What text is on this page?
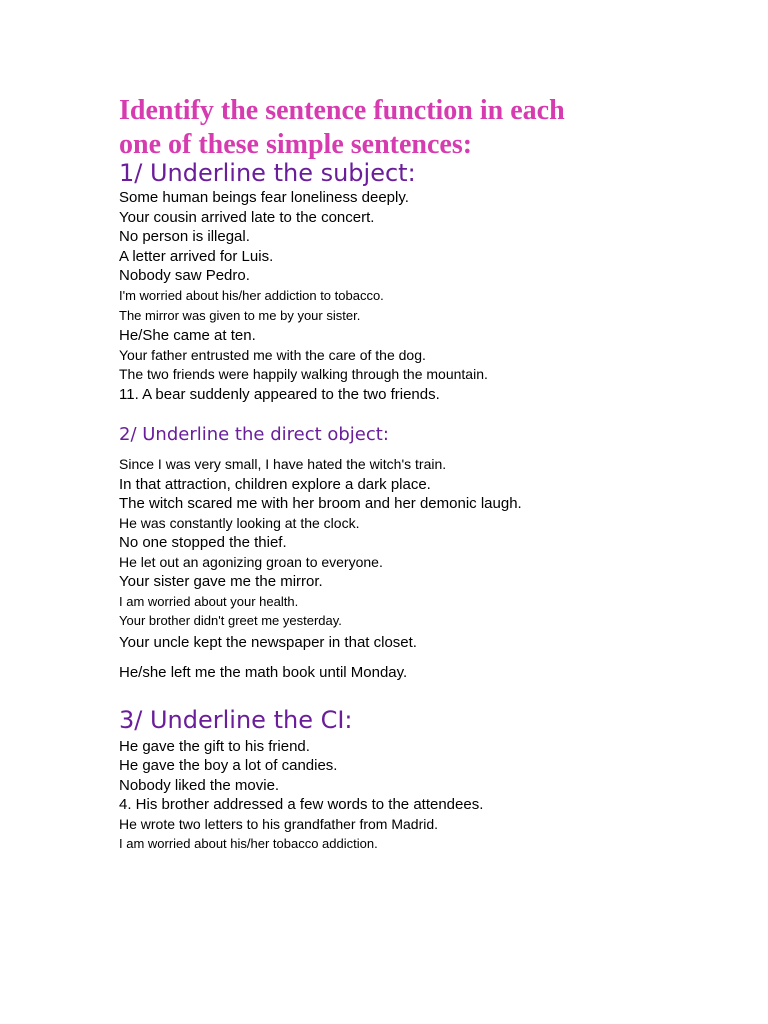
Identify the sentence function in each
one of these simple sentences:
1/ Underline the subject:
Some human beings fear loneliness deeply.
Your cousin arrived late to the concert.
No person is illegal.
A letter arrived for Luis.
Nobody saw Pedro.
I'm worried about his/her addiction to tobacco.
The mirror was given to me by your sister.
He/She came at ten.
Your father entrusted me with the care of the dog.
The two friends were happily walking through the mountain.
11. A bear suddenly appeared to the two friends.
2/ Underline the direct object:
Since I was very small, I have hated the witch's train.
In that attraction, children explore a dark place.
The witch scared me with her broom and her demonic laugh.
He was constantly looking at the clock.
No one stopped the thief.
He let out an agonizing groan to everyone.
Your sister gave me the mirror.
I am worried about your health.
Your brother didn't greet me yesterday.
Your uncle kept the newspaper in that closet.
He/she left me the math book until Monday.
3/ Underline the CI:
He gave the gift to his friend.
He gave the boy a lot of candies.
Nobody liked the movie.
4. His brother addressed a few words to the attendees.
He wrote two letters to his grandfather from Madrid.
I am worried about his/her tobacco addiction.
